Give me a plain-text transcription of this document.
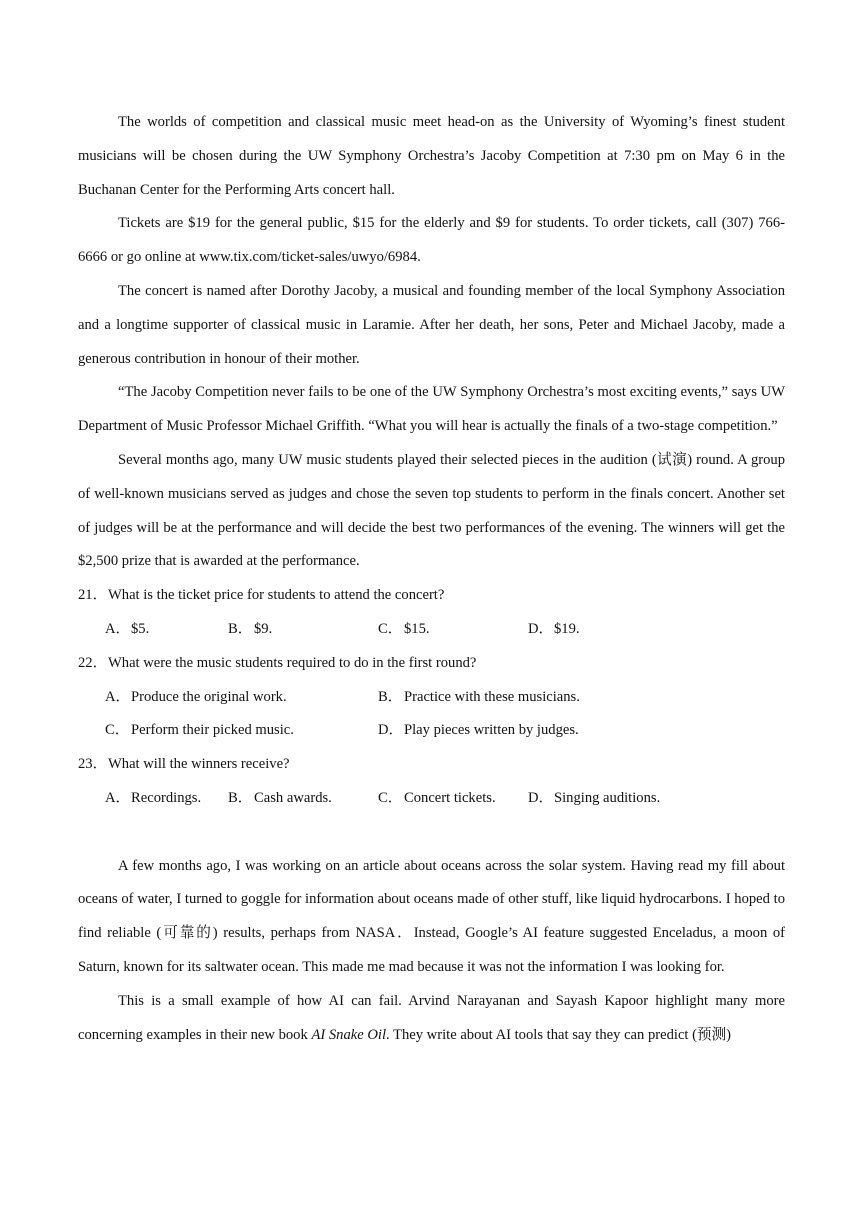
The worlds of competition and classical music meet head-on as the University of Wyoming’s finest student musicians will be chosen during the UW Symphony Orchestra’s Jacoby Competition at 7:30 pm on May 6 in the Buchanan Center for the Performing Arts concert hall.

Tickets are $19 for the general public, $15 for the elderly and $9 for students. To order tickets, call (307) 766-6666 or go online at www.tix.com/ticket-sales/uwyo/6984.

The concert is named after Dorothy Jacoby, a musical and founding member of the local Symphony Association and a longtime supporter of classical music in Laramie. After her death, her sons, Peter and Michael Jacoby, made a generous contribution in honour of their mother.

“The Jacoby Competition never fails to be one of the UW Symphony Orchestra’s most exciting events,” says UW Department of Music Professor Michael Griffith. “What you will hear is actually the finals of a two-stage competition.”

Several months ago, many UW music students played their selected pieces in the audition (试演) round. A group of well-known musicians served as judges and chose the seven top students to perform in the finals concert. Another set of judges will be at the performance and will decide the best two performances of the evening. The winners will get the $2,500 prize that is awarded at the performance.

21．What is the ticket price for students to attend the concert?
A．$5.	B． $9.	C． $15.	D．$19.
22．What were the music students required to do in the first round?
A．Produce the original work.	B． Practice with these musicians.
C． Perform their picked music.	D．Play pieces written by judges.
23．What will the winners receive?
A．Recordings. B． Cash awards.	C． Concert tickets. D．Singing auditions.

A few months ago, I was working on an article about oceans across the solar system. Having read my fill about oceans of water, I turned to goggle for information about oceans made of other stuff, like liquid hydrocarbons. I hoped to find reliable (可靠的) results, perhaps from NASA．Instead, Google’s AI feature suggested Enceladus, a moon of Saturn, known for its saltwater ocean. This made me mad because it was not the information I was looking for.

This is a small example of how AI can fail. Arvind Narayanan and Sayash Kapoor highlight many more concerning examples in their new book AI Snake Oil. They write about AI tools that say they can predict (预测)
